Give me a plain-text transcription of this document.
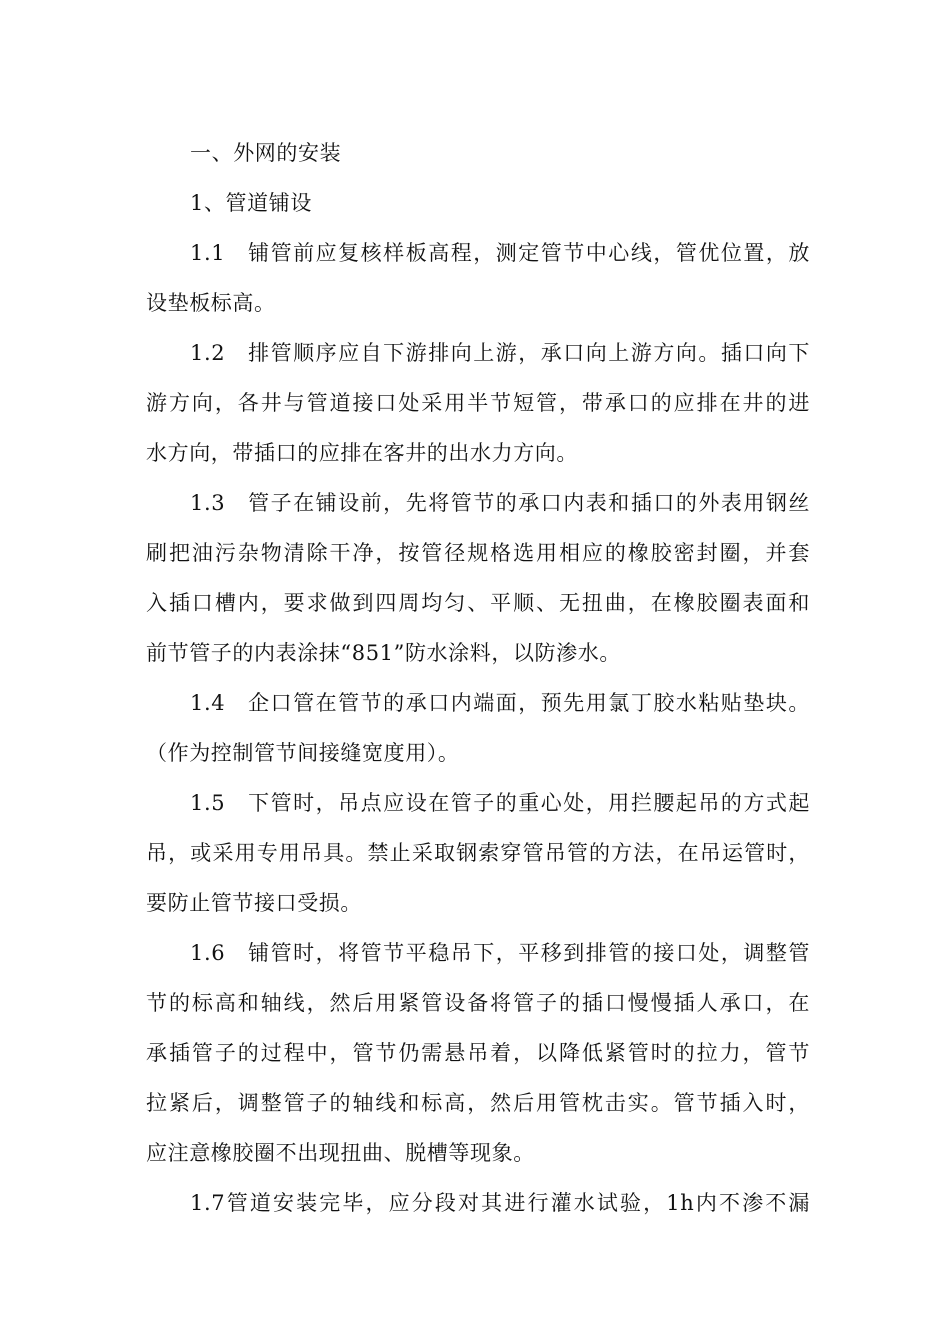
一、外网的安装
1、管道铺设
1.1 铺管前应复核样板高程，测定管节中心线，管优位置，放
设垫板标高。
1.2 排管顺序应自下游排向上游，承口向上游方向。插口向下
游方向，各井与管道接口处采用半节短管，带承口的应排在井的进
水方向，带插口的应排在客井的出水力方向。
1.3 管子在铺设前，先将管节的承口内表和插口的外表用钢丝
刷把油污杂物清除干净，按管径规格选用相应的橡胶密封圈，并套
入插口槽内，要求做到四周均匀、平顺、无扭曲，在橡胶圈表面和
前节管子的内表涂抹“851”防水涂料，以防渗水。
1.4 企口管在管节的承口内端面，预先用氯丁胶水粘贴垫块。
（作为控制管节间接缝宽度用）。
1.5 下管时，吊点应设在管子的重心处，用拦腰起吊的方式起
吊，或采用专用吊具。禁止采取钢索穿管吊管的方法，在吊运管时，
要防止管节接口受损。
1.6 铺管时，将管节平稳吊下，平移到排管的接口处，调整管
节的标高和轴线，然后用紧管设备将管子的插口慢慢插人承口，在
承插管子的过程中，管节仍需悬吊着，以降低紧管时的拉力，管节
拉紧后，调整管子的轴线和标高，然后用管枕击实。管节插入时，
应注意橡胶圈不出现扭曲、脱槽等现象。
1.7管道安装完毕，应分段对其进行灌水试验，1h内不渗不漏
